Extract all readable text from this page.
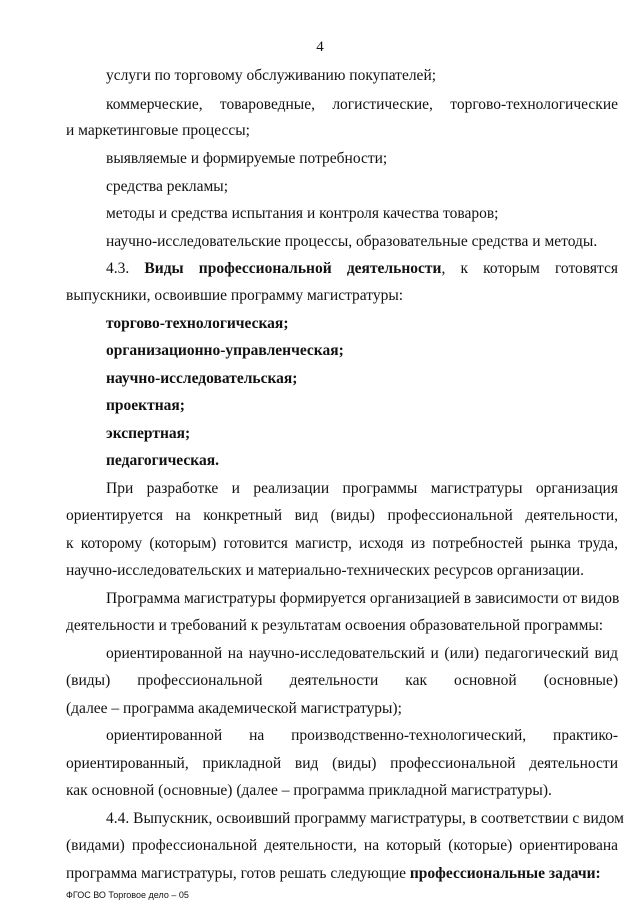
4
услуги по торговому обслуживанию покупателей;
коммерческие, товароведные, логистические, торгово-технологические
и маркетинговые процессы;
выявляемые и формируемые потребности;
средства рекламы;
методы и средства испытания и контроля качества товаров;
научно-исследовательские процессы, образовательные средства и методы.
4.3. Виды профессиональной деятельности, к которым готовятся
выпускники, освоившие программу магистратуры:
торгово-технологическая;
организационно-управленческая;
научно-исследовательская;
проектная;
экспертная;
педагогическая.
При разработке и реализации программы магистратуры организация
ориентируется на конкретный вид (виды) профессиональной деятельности,
к которому (которым) готовится магистр, исходя из потребностей рынка труда,
научно-исследовательских и материально-технических ресурсов организации.
Программа магистратуры формируется организацией в зависимости от видов
деятельности и требований к результатам освоения образовательной программы:
ориентированной на научно-исследовательский и (или) педагогический вид
(виды) профессиональной деятельности как основной (основные)
(далее – программа академической магистратуры);
ориентированной на производственно-технологический, практико-
ориентированный, прикладной вид (виды) профессиональной деятельности
как основной (основные) (далее – программа прикладной магистратуры).
4.4. Выпускник, освоивший программу магистратуры, в соответствии с видом
(видами) профессиональной деятельности, на который (которые) ориентирована
программа магистратуры, готов решать следующие профессиональные задачи:
ФГОС ВО Торговое дело – 05
